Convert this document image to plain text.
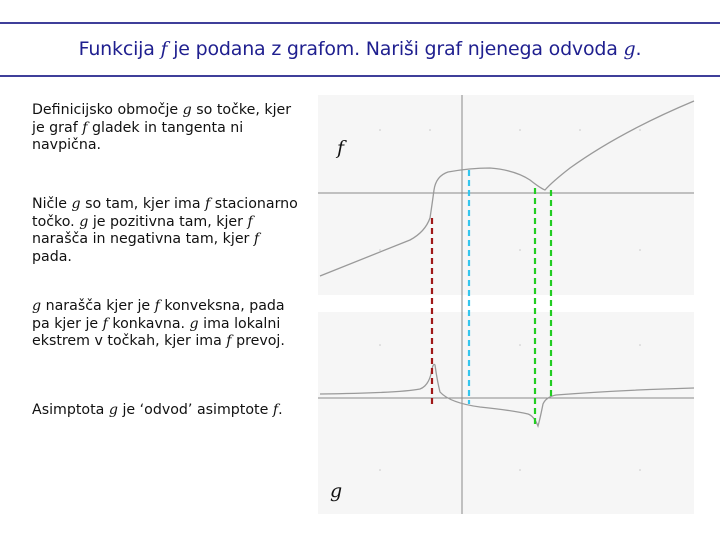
Funkcija f je podana z grafom. Nariši graf njenega odvoda g.
Definicijsko območje g so točke, kjer je graf f gladek in tangenta ni navpična.
Ničle g so tam, kjer ima f stacionarno točko. g je pozitivna tam, kjer f narašča in negativna tam, kjer f pada.
g narašča kjer je f konveksna, pada pa kjer je f konkavna. g ima lokalni ekstrem v točkah, kjer ima f prevoj.
Asimptota g je ‘odvod’ asimptote f.
f
g
